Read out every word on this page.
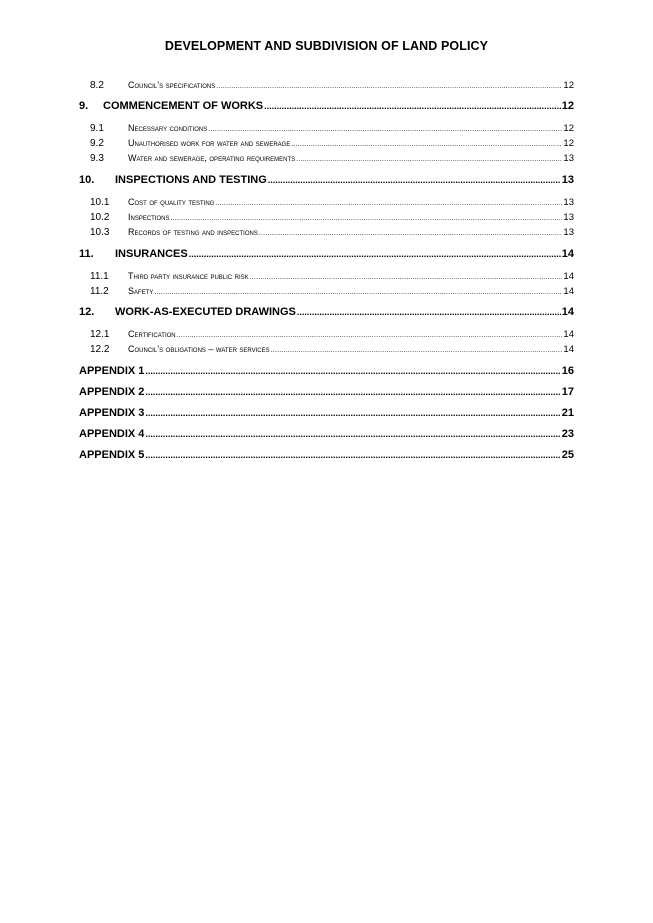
DEVELOPMENT AND SUBDIVISION OF LAND POLICY
8.2	Council’s specifications .....	12
9.	COMMENCEMENT OF WORKS .....	12
9.1	Necessary conditions .....	12
9.2	Unauthorised work for water and sewerage .....	12
9.3	Water and sewerage, operating requirements .....	13
10.	INSPECTIONS AND TESTING .....	13
10.1	Cost of quality testing .....	13
10.2	Inspections .....	13
10.3	Records of testing and inspections .....	13
11.	INSURANCES .....	14
11.1	Third party insurance public risk .....	14
11.2	Safety .....	14
12.	WORK-AS-EXECUTED DRAWINGS .....	14
12.1	Certification .....	14
12.2	Council’s obligations – water services .....	14
APPENDIX 1 .....	16
APPENDIX 2 .....	17
APPENDIX 3 .....	21
APPENDIX 4 .....	23
APPENDIX 5 .....	25
